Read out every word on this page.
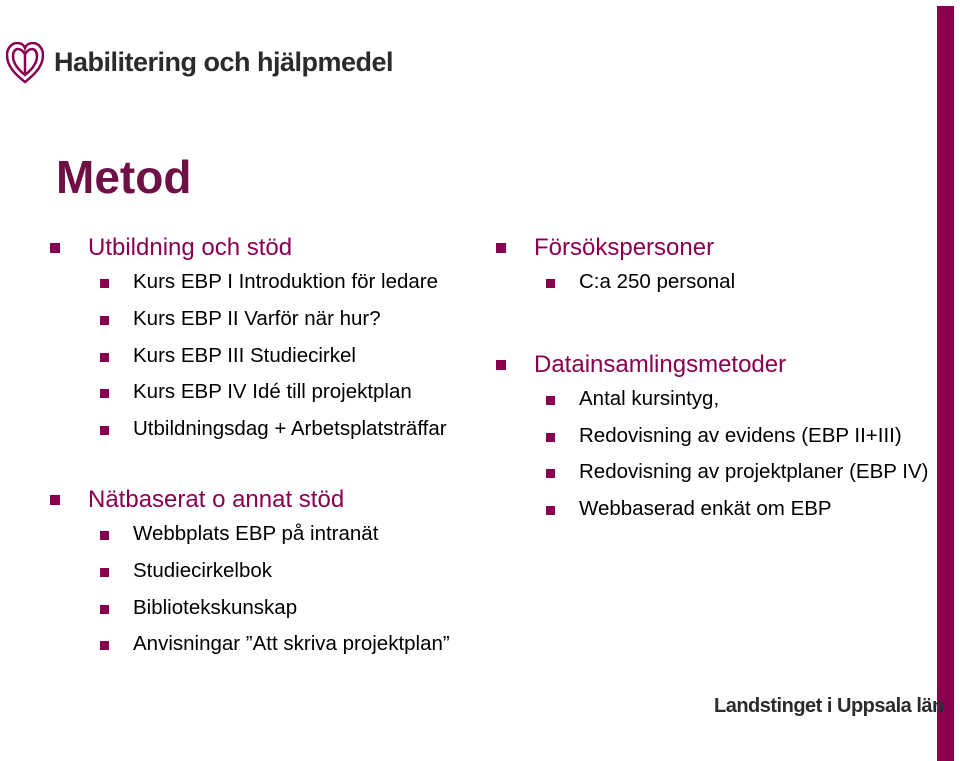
Habilitering och hjälpmedel
Metod
Utbildning och stöd
Kurs EBP I Introduktion för ledare
Kurs EBP II Varför när hur?
Kurs EBP III Studiecirkel
Kurs EBP IV Idé till projektplan
Utbildningsdag + Arbetsplatsträffar
Nätbaserat o annat stöd
Webbplats EBP på intranät
Studiecirkelbok
Bibliotekskunskap
Anvisningar ”Att skriva projektplan”
Försökspersoner
C:a 250 personal
Datainsamlingsmetoder
Antal kursintyg,
Redovisning av evidens (EBP II+III)
Redovisning av projektplaner (EBP IV)
Webbaserad enkät om EBP
Landstinget i Uppsala län
